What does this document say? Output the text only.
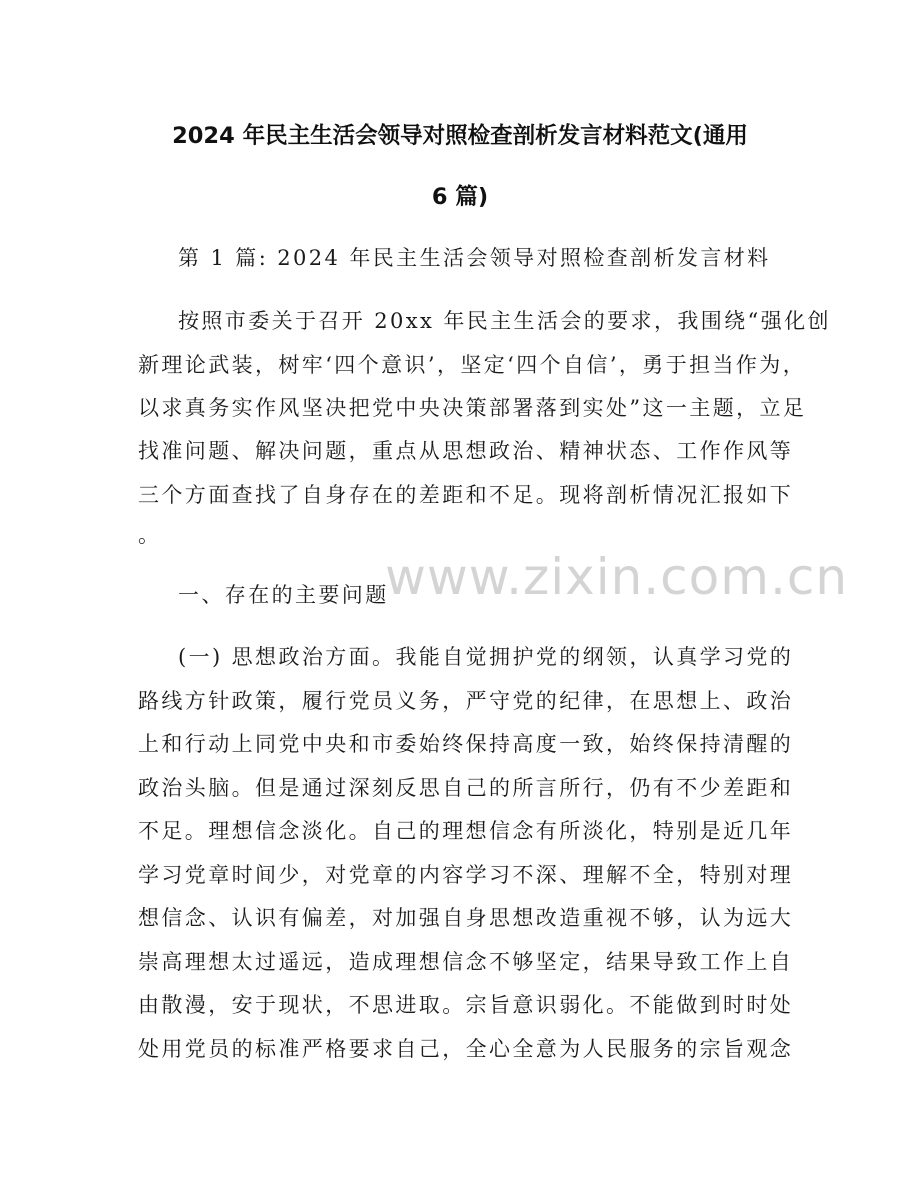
2024 年民主生活会领导对照检查剖析发言材料范文(通用
6 篇)
第 1 篇: 2024 年民主生活会领导对照检查剖析发言材料
按照市委关于召开 20xx 年民主生活会的要求，我围绕“强化创
新理论武装，树牢‘四个意识’，坚定‘四个自信’，勇于担当作为，
以求真务实作风坚决把党中央决策部署落到实处”这一主题，立足
找准问题、解决问题，重点从思想政治、精神状态、工作作风等
三个方面查找了自身存在的差距和不足。现将剖析情况汇报如下
。
www.zixin.com.cn
一、存在的主要问题
(一) 思想政治方面。我能自觉拥护党的纲领，认真学习党的
路线方针政策，履行党员义务，严守党的纪律，在思想上、政治
上和行动上同党中央和市委始终保持高度一致，始终保持清醒的
政治头脑。但是通过深刻反思自己的所言所行，仍有不少差距和
不足。理想信念淡化。自己的理想信念有所淡化，特别是近几年
学习党章时间少，对党章的内容学习不深、理解不全，特别对理
想信念、认识有偏差，对加强自身思想改造重视不够，认为远大
崇高理想太过遥远，造成理想信念不够坚定，结果导致工作上自
由散漫，安于现状，不思进取。宗旨意识弱化。不能做到时时处
处用党员的标准严格要求自己，全心全意为人民服务的宗旨观念
